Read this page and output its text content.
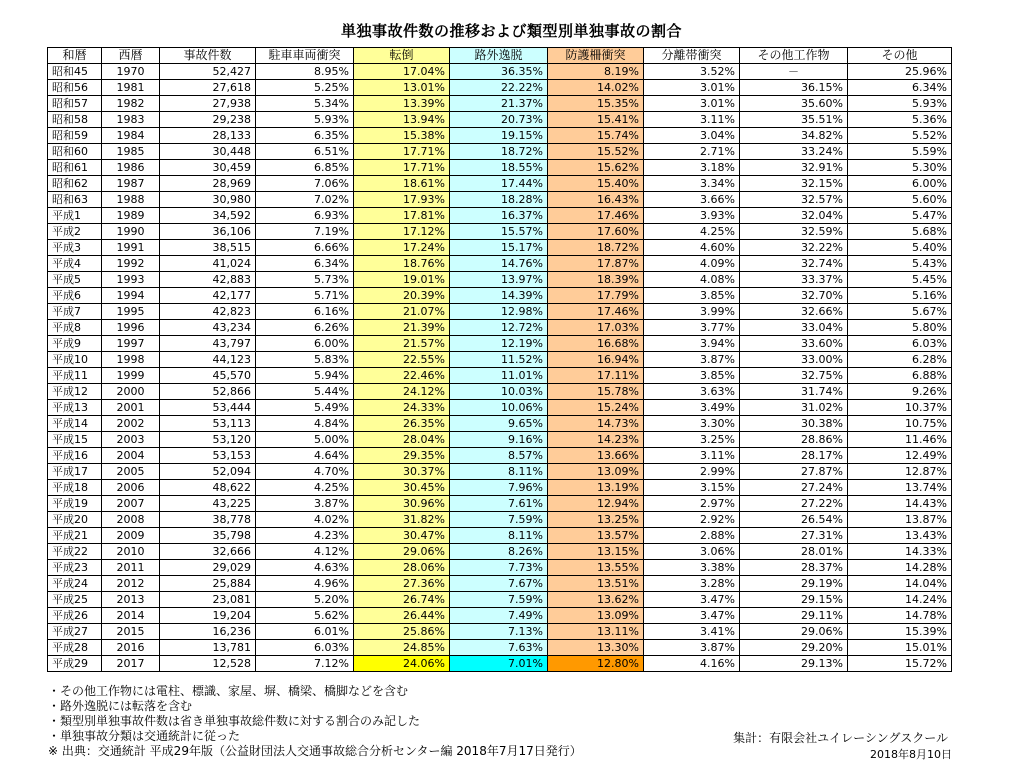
単独事故件数の推移および類型別単独事故の割合
和暦	西暦	事故件数	駐車車両衝突	転倒	路外逸脱	防護柵衝突	分離帯衝突	その他工作物	その他
昭和45	1970	52,427	8.95%	17.04%	36.35%	8.19%	3.52%	－	25.96%
昭和56	1981	27,618	5.25%	13.01%	22.22%	14.02%	3.01%	36.15%	6.34%
昭和57	1982	27,938	5.34%	13.39%	21.37%	15.35%	3.01%	35.60%	5.93%
昭和58	1983	29,238	5.93%	13.94%	20.73%	15.41%	3.11%	35.51%	5.36%
昭和59	1984	28,133	6.35%	15.38%	19.15%	15.74%	3.04%	34.82%	5.52%
昭和60	1985	30,448	6.51%	17.71%	18.72%	15.52%	2.71%	33.24%	5.59%
昭和61	1986	30,459	6.85%	17.71%	18.55%	15.62%	3.18%	32.91%	5.30%
昭和62	1987	28,969	7.06%	18.61%	17.44%	15.40%	3.34%	32.15%	6.00%
昭和63	1988	30,980	7.02%	17.93%	18.28%	16.43%	3.66%	32.57%	5.60%
平成1	1989	34,592	6.93%	17.81%	16.37%	17.46%	3.93%	32.04%	5.47%
平成2	1990	36,106	7.19%	17.12%	15.57%	17.60%	4.25%	32.59%	5.68%
平成3	1991	38,515	6.66%	17.24%	15.17%	18.72%	4.60%	32.22%	5.40%
平成4	1992	41,024	6.34%	18.76%	14.76%	17.87%	4.09%	32.74%	5.43%
平成5	1993	42,883	5.73%	19.01%	13.97%	18.39%	4.08%	33.37%	5.45%
平成6	1994	42,177	5.71%	20.39%	14.39%	17.79%	3.85%	32.70%	5.16%
平成7	1995	42,823	6.16%	21.07%	12.98%	17.46%	3.99%	32.66%	5.67%
平成8	1996	43,234	6.26%	21.39%	12.72%	17.03%	3.77%	33.04%	5.80%
平成9	1997	43,797	6.00%	21.57%	12.19%	16.68%	3.94%	33.60%	6.03%
平成10	1998	44,123	5.83%	22.55%	11.52%	16.94%	3.87%	33.00%	6.28%
平成11	1999	45,570	5.94%	22.46%	11.01%	17.11%	3.85%	32.75%	6.88%
平成12	2000	52,866	5.44%	24.12%	10.03%	15.78%	3.63%	31.74%	9.26%
平成13	2001	53,444	5.49%	24.33%	10.06%	15.24%	3.49%	31.02%	10.37%
平成14	2002	53,113	4.84%	26.35%	9.65%	14.73%	3.30%	30.38%	10.75%
平成15	2003	53,120	5.00%	28.04%	9.16%	14.23%	3.25%	28.86%	11.46%
平成16	2004	53,153	4.64%	29.35%	8.57%	13.66%	3.11%	28.17%	12.49%
平成17	2005	52,094	4.70%	30.37%	8.11%	13.09%	2.99%	27.87%	12.87%
平成18	2006	48,622	4.25%	30.45%	7.96%	13.19%	3.15%	27.24%	13.74%
平成19	2007	43,225	3.87%	30.96%	7.61%	12.94%	2.97%	27.22%	14.43%
平成20	2008	38,778	4.02%	31.82%	7.59%	13.25%	2.92%	26.54%	13.87%
平成21	2009	35,798	4.23%	30.47%	8.11%	13.57%	2.88%	27.31%	13.43%
平成22	2010	32,666	4.12%	29.06%	8.26%	13.15%	3.06%	28.01%	14.33%
平成23	2011	29,029	4.63%	28.06%	7.73%	13.55%	3.38%	28.37%	14.28%
平成24	2012	25,884	4.96%	27.36%	7.67%	13.51%	3.28%	29.19%	14.04%
平成25	2013	23,081	5.20%	26.74%	7.59%	13.62%	3.47%	29.15%	14.24%
平成26	2014	19,204	5.62%	26.44%	7.49%	13.09%	3.47%	29.11%	14.78%
平成27	2015	16,236	6.01%	25.86%	7.13%	13.11%	3.41%	29.06%	15.39%
平成28	2016	13,781	6.03%	24.85%	7.63%	13.30%	3.87%	29.20%	15.01%
平成29	2017	12,528	7.12%	24.06%	7.01%	12.80%	4.16%	29.13%	15.72%
・その他工作物には電柱、標識、家屋、塀、橋梁、橋脚などを含む
・路外逸脱には転落を含む
・類型別単独事故件数は省き単独事故総件数に対する割合のみ記した
・単独事故分類は交通統計に従った
※ 出典：交通統計 平成29年版（公益財団法人交通事故総合分析センター編 2018年7月17日発行）
集計：有限会社ユイレーシングスクール
2018年8月10日
